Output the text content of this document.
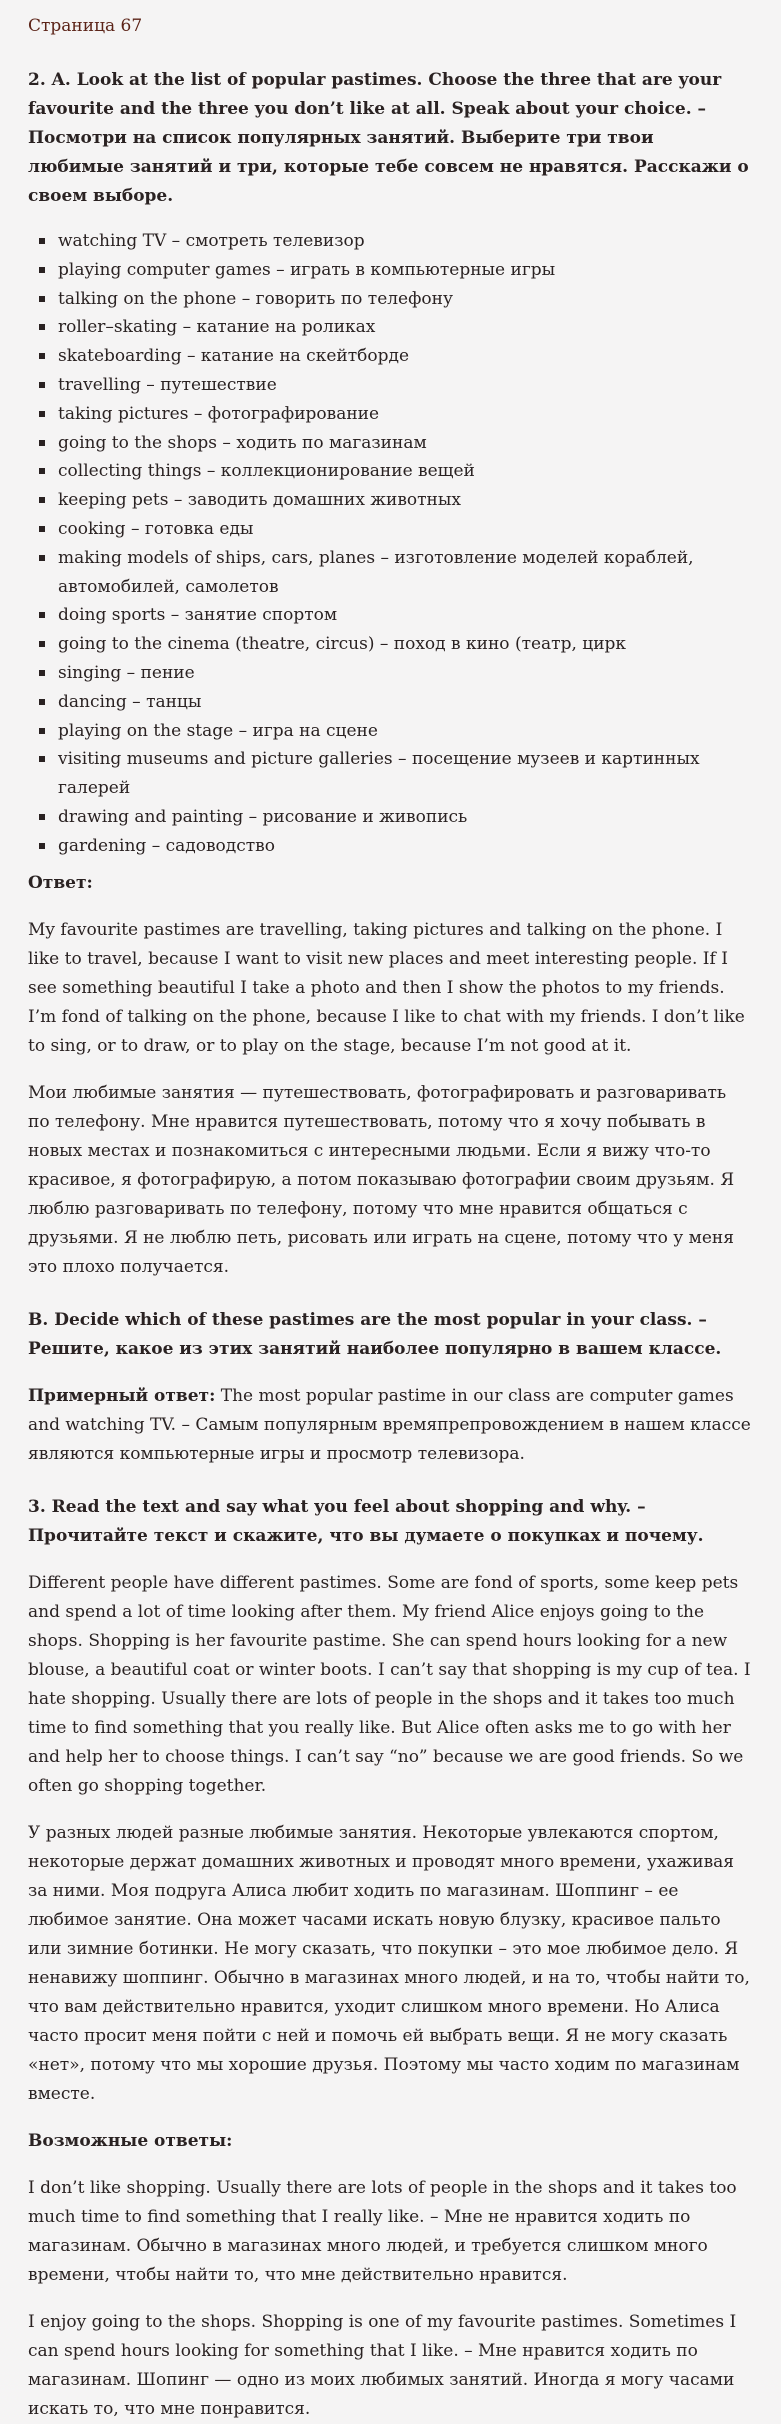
Страница 67
2. A. Look at the list of popular pastimes. Choose the three that are your favourite and the three you don’t like at all. Speak about your choice. – Посмотри на список популярных занятий. Выберите три твои любимые занятий и три, которые тебе совсем не нравятся. Расскажи о своем выборе.
watching TV – смотреть телевизор
playing computer games – играть в компьютерные игры
talking on the phone – говорить по телефону
roller–skating – катание на роликах
skateboarding – катание на скейтборде
travelling – путешествие
taking pictures – фотографирование
going to the shops – ходить по магазинам
collecting things – коллекционирование вещей
keeping pets – заводить домашних животных
cooking – готовка еды
making models of ships, cars, planes – изготовление моделей кораблей, автомобилей, самолетов
doing sports – занятие спортом
going to the cinema (theatre, circus) – поход в кино (театр, цирк
singing – пение
dancing – танцы
playing on the stage – игра на сцене
visiting museums and picture galleries – посещение музеев и картинных галерей
drawing and painting – рисование и живопись
gardening – садоводство
Ответ:

My favourite pastimes are travelling, taking pictures and talking on the phone. I like to travel, because I want to visit new places and meet interesting people. If I see something beautiful I take a photo and then I show the photos to my friends. I’m fond of talking on the phone, because I like to chat with my friends. I don’t like to sing, or to draw, or to play on the stage, because I’m not good at it.

Мои любимые занятия — путешествовать, фотографировать и разговаривать по телефону. Мне нравится путешествовать, потому что я хочу побывать в новых местах и познакомиться с интересными людьми. Если я вижу что-то красивое, я фотографирую, а потом показываю фотографии своим друзьям. Я люблю разговаривать по телефону, потому что мне нравится общаться с друзьями. Я не люблю петь, рисовать или играть на сцене, потому что у меня это плохо получается.

B. Decide which of these pastimes are the most popular in your class. – Решите, какое из этих занятий наиболее популярно в вашем классе.

Примерный ответ: The most popular pastime in our class are computer games and watching TV. – Самым популярным времяпрепровождением в нашем классе являются компьютерные игры и просмотр телевизора.

3. Read the text and say what you feel about shopping and why. – Прочитайте текст и скажите, что вы думаете о покупках и почему.

Different people have different pastimes. Some are fond of sports, some keep pets and spend a lot of time looking after them. My friend Alice enjoys going to the shops. Shopping is her favourite pastime. She can spend hours looking for a new blouse, a beautiful coat or winter boots. I can’t say that shopping is my cup of tea. I hate shopping. Usually there are lots of people in the shops and it takes too much time to find something that you really like. But Alice often asks me to go with her and help her to choose things. I can’t say “no” because we are good friends. So we often go shopping together.

У разных людей разные любимые занятия. Некоторые увлекаются спортом, некоторые держат домашних животных и проводят много времени, ухаживая за ними. Моя подруга Алиса любит ходить по магазинам. Шоппинг – ее любимое занятие. Она может часами искать новую блузку, красивое пальто или зимние ботинки. Не могу сказать, что покупки – это мое любимое дело. Я ненавижу шоппинг. Обычно в магазинах много людей, и на то, чтобы найти то, что вам действительно нравится, уходит слишком много времени. Но Алиса часто просит меня пойти с ней и помочь ей выбрать вещи. Я не могу сказать «нет», потому что мы хорошие друзья. Поэтому мы часто ходим по магазинам вместе.

Возможные ответы:

I don’t like shopping. Usually there are lots of people in the shops and it takes too much time to find something that I really like. – Мне не нравится ходить по магазинам. Обычно в магазинах много людей, и требуется слишком много времени, чтобы найти то, что мне действительно нравится.

I enjoy going to the shops. Shopping is one of my favourite pastimes. Sometimes I can spend hours looking for something that I like. – Мне нравится ходить по магазинам. Шопинг — одно из моих любимых занятий. Иногда я могу часами искать то, что мне понравится.
